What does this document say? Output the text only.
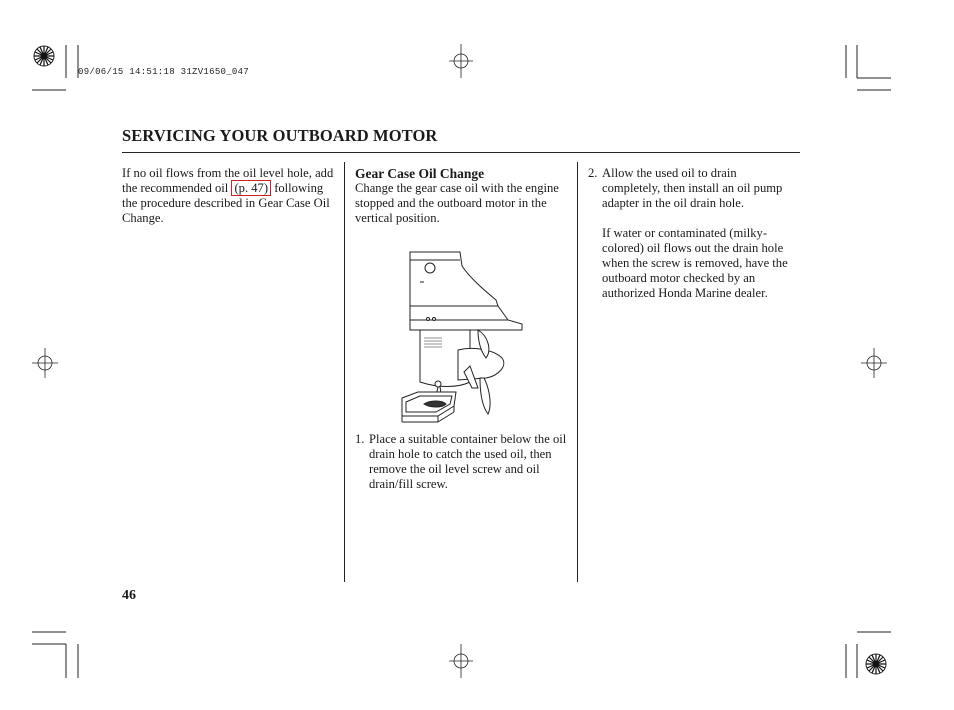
09/06/15 14:51:18 31ZV1650_047
SERVICING YOUR OUTBOARD MOTOR

If no oil flows from the oil level hole, add the recommended oil (p. 47) following the procedure described in Gear Case Oil Change.

Gear Case Oil Change

Change the gear case oil with the engine stopped and the outboard motor in the vertical position.

1. Place a suitable container below the oil drain hole to catch the used oil, then remove the oil level screw and oil drain/fill screw.

2. Allow the used oil to drain completely, then install an oil pump adapter in the oil drain hole.

If water or contaminated (milky-colored) oil flows out the drain hole when the screw is removed, have the outboard motor checked by an authorized Honda Marine dealer.

46
